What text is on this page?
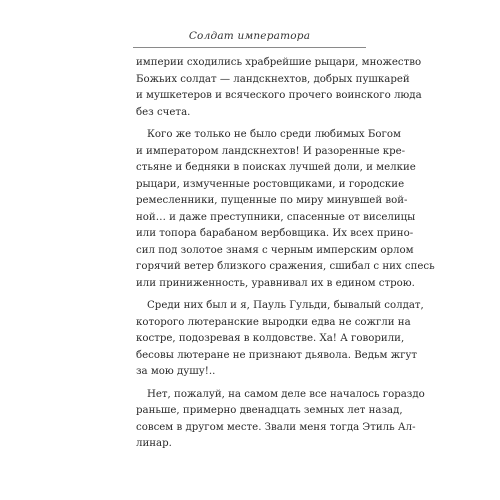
Солдат императора
империи сходились храбрейшие рыцари, множество
Божьих солдат — ландскнехтов, добрых пушкарей
и мушкетеров и всяческого прочего воинского люда
без счета.
Кого же только не было среди любимых Богом
и императором ландскнехтов! И разоренные кре-
стьяне и бедняки в поисках лучшей доли, и мелкие
рыцари, измученные ростовщиками, и городские
ремесленники, пущенные по миру минувшей вой-
ной… и даже преступники, спасенные от виселицы
или топора барабаном вербовщика. Их всех прино-
сил под золотое знамя с черным имперским орлом
горячий ветер близкого сражения, сшибал с них спесь
или приниженность, уравнивал их в едином строю.
Среди них был и я, Пауль Гульди, бывалый солдат,
которого лютеранские выродки едва не сожгли на
костре, подозревая в колдовстве. Ха! А говорили,
бесовы лютеране не признают дьявола. Ведьм жгут
за мою душу!..
Нет, пожалуй, на самом деле все началось гораздо
раньше, примерно двенадцать земных лет назад,
совсем в другом месте. Звали меня тогда Этиль Ал-
линар.
